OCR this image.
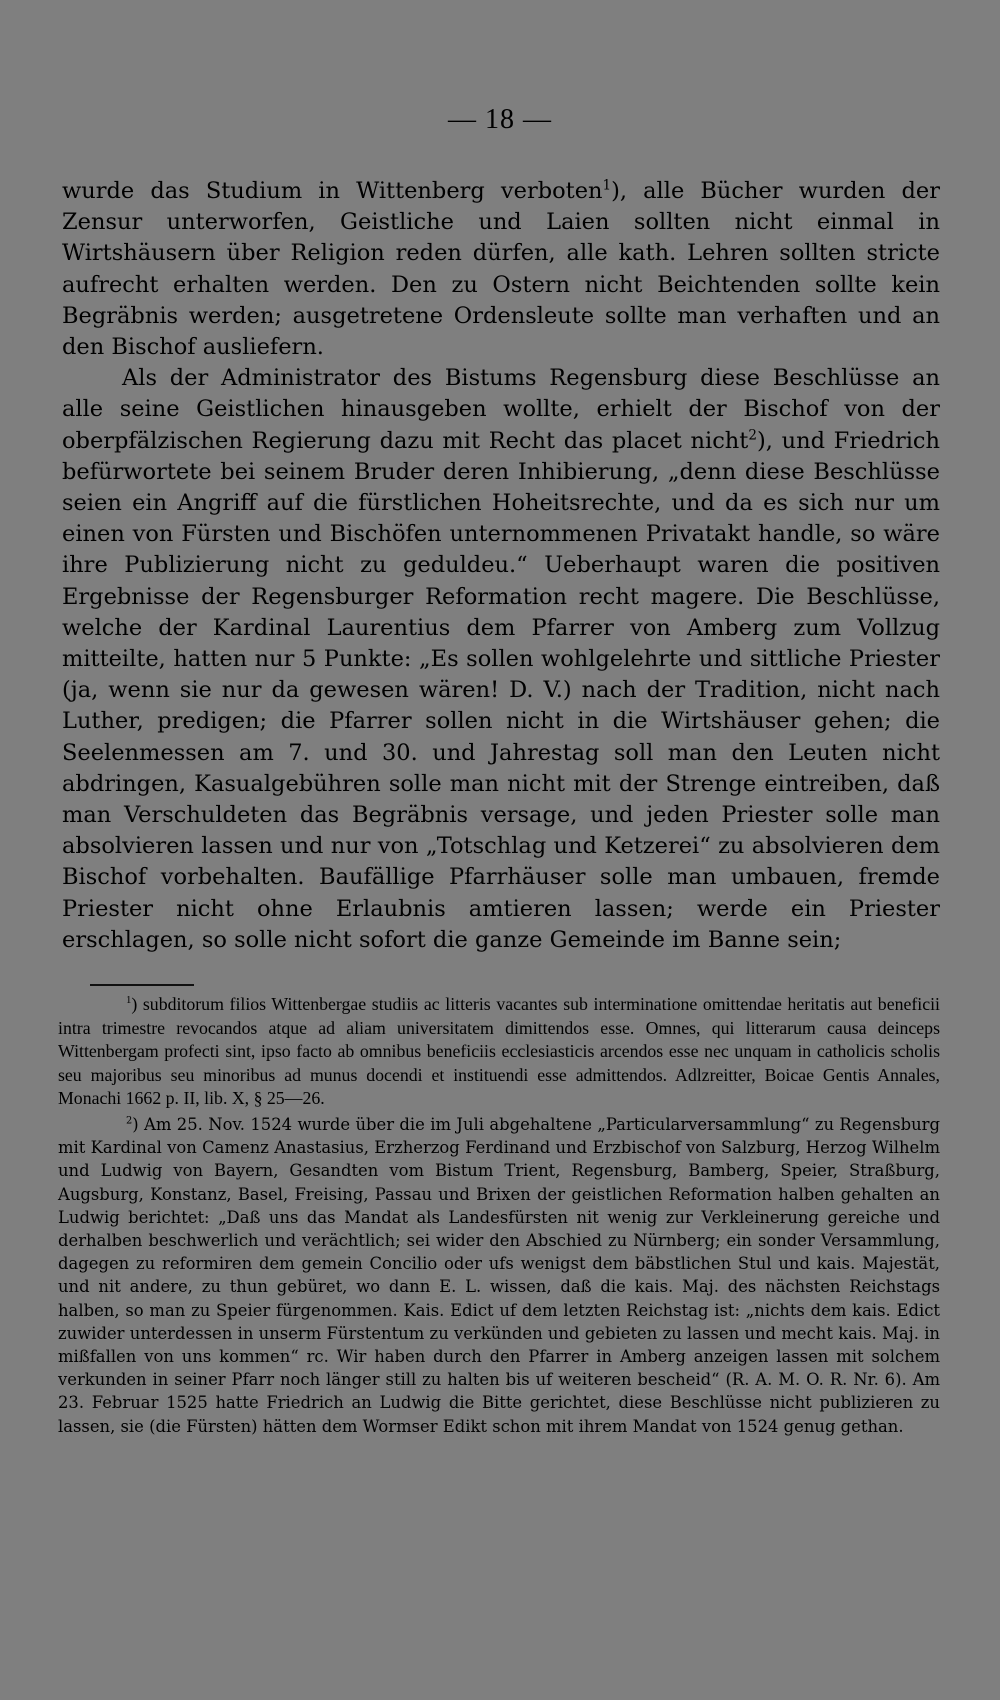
— 18 —

wurde das Studium in Wittenberg verboten$^1$), alle Bücher wurden der Zensur unterworfen, Geistliche und Laien sollten nicht einmal in Wirtshäusern über Religion reden dürfen, alle kath. Lehren sollten stricte aufrecht erhalten werden. Den zu Ostern nicht Beichtenden sollte kein Begräbnis werden; ausgetretene Ordensleute sollte man verhaften und an den Bischof ausliefern.

Als der Administrator des Bistums Regensburg diese Beschlüsse an alle seine Geistlichen hinausgeben wollte, erhielt der Bischof von der oberpfälzischen Regierung dazu mit Recht das placet nicht$^2$), und Friedrich befürwortete bei seinem Bruder deren Inhibierung, „denn diese Beschlüsse seien ein Angriff auf die fürstlichen Hoheitsrechte, und da es sich nur um einen von Fürsten und Bischöfen unternommenen Privatakt handle, so wäre ihre Publizierung nicht zu geduldeu.“ Ueberhaupt waren die positiven Ergebnisse der Regensburger Reformation recht magere. Die Beschlüsse, welche der Kardinal Laurentius dem Pfarrer von Amberg zum Vollzug mitteilte, hatten nur 5 Punkte: „Es sollen wohlgelehrte und sittliche Priester (ja, wenn sie nur da gewesen wären! D. V.) nach der Tradition, nicht nach Luther, predigen; die Pfarrer sollen nicht in die Wirtshäuser gehen; die Seelenmessen am 7. und 30. und Jahrestag soll man den Leuten nicht abdringen, Kasualgebühren solle man nicht mit der Strenge eintreiben, daß man Verschuldeten das Begräbnis versage, und jeden Priester solle man absolvieren lassen und nur von „Totschlag und Ketzerei“ zu absolvieren dem Bischof vorbehalten. Baufällige Pfarrhäuser solle man umbauen, fremde Priester nicht ohne Erlaubnis amtieren lassen; werde ein Priester erschlagen, so solle nicht sofort die ganze Gemeinde im Banne sein;

$^1$) subditorum filios Wittenbergae studiis ac litteris vacantes sub interminatione omittendae heritatis aut beneficii intra trimestre revocandos atque ad aliam universitatem dimittendos esse. Omnes, qui litterarum causa deinceps Wittenbergam profecti sint, ipso facto ab omnibus beneficiis ecclesiasticis arcendos esse nec unquam in catholicis scholis seu majoribus seu minoribus ad munus docendi et instituendi esse admittendos. Adlzreitter, Boicae Gentis Annales, Monachi 1662 p. II, lib. X, § 25—26.

$^2$) Am 25. Nov. 1524 wurde über die im Juli abgehaltene „Particularversammlung“ zu Regensburg mit Kardinal von Camenz Anastasius, Erzherzog Ferdinand und Erzbischof von Salzburg, Herzog Wilhelm und Ludwig von Bayern, Gesandten vom Bistum Trient, Regensburg, Bamberg, Speier, Straßburg, Augsburg, Konstanz, Basel, Freising, Passau und Brixen der geistlichen Reformation halben gehalten an Ludwig berichtet: „Daß uns das Mandat als Landesfürsten nit wenig zur Verkleinerung gereiche und derhalben beschwerlich und verächtlich; sei wider den Abschied zu Nürnberg; ein sonder Versammlung, dagegen zu reformiren dem gemein Concilio oder ufs wenigst dem bäbstlichen Stul und kais. Majestät, und nit andere, zu thun gebüret, wo dann E. L. wissen, daß die kais. Maj. des nächsten Reichstags halben, so man zu Speier fürgenommen. Kais. Edict uf dem letzten Reichstag ist: „nichts dem kais. Edict zuwider unterdessen in unserm Fürstentum zu verkünden und gebieten zu lassen und mecht kais. Maj. in mißfallen von uns kommen“ rc. Wir haben durch den Pfarrer in Amberg anzeigen lassen mit solchem verkunden in seiner Pfarr noch länger still zu halten bis uf weiteren bescheid“ (R. A. M. O. R. Nr. 6). Am 23. Februar 1525 hatte Friedrich an Ludwig die Bitte gerichtet, diese Beschlüsse nicht publizieren zu lassen, sie (die Fürsten) hätten dem Wormser Edikt schon mit ihrem Mandat von 1524 genug gethan.
